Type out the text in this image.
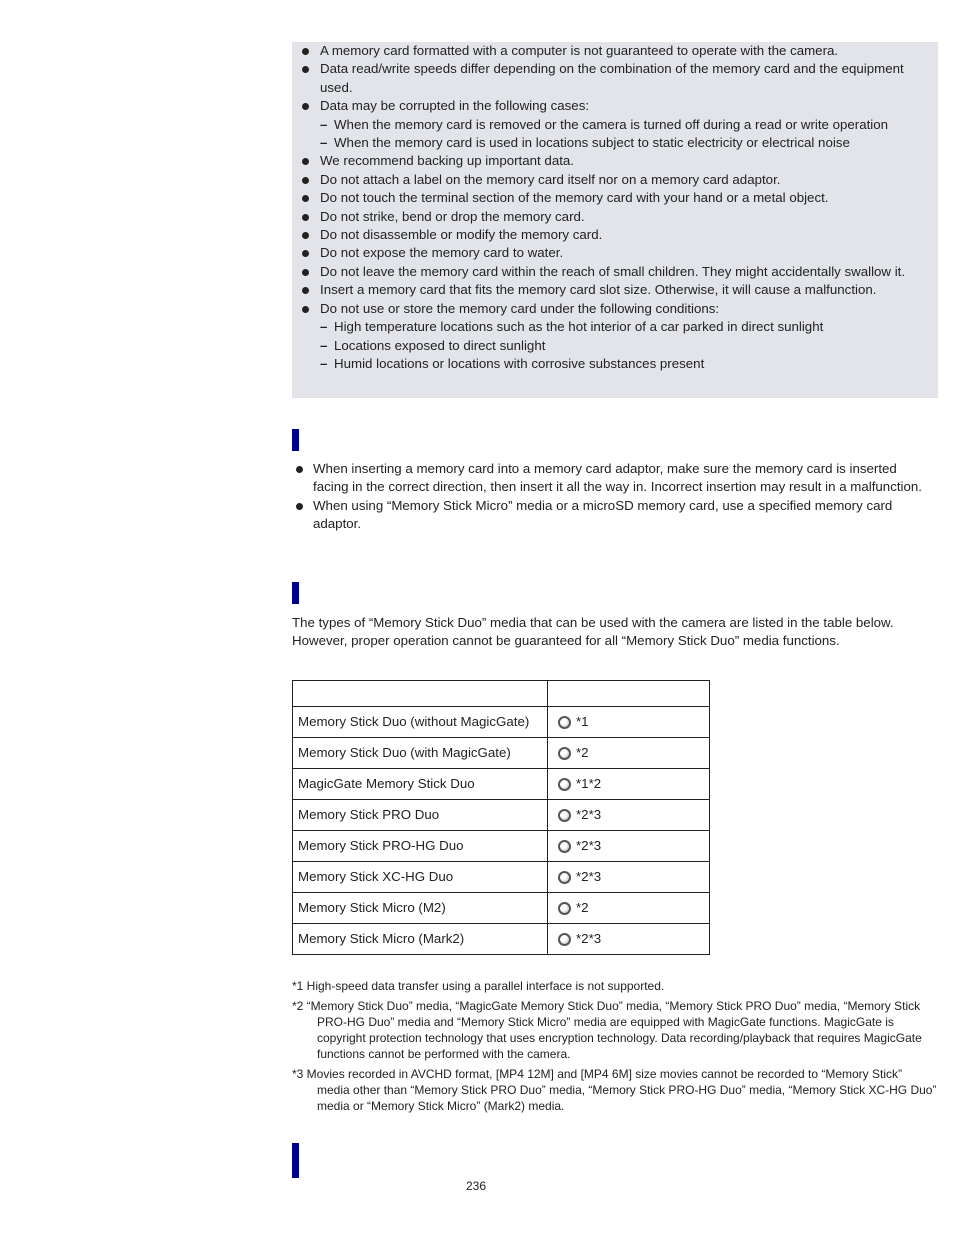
A memory card formatted with a computer is not guaranteed to operate with the camera.
Data read/write speeds differ depending on the combination of the memory card and the equipment used.
Data may be corrupted in the following cases:
– When the memory card is removed or the camera is turned off during a read or write operation
– When the memory card is used in locations subject to static electricity or electrical noise
We recommend backing up important data.
Do not attach a label on the memory card itself nor on a memory card adaptor.
Do not touch the terminal section of the memory card with your hand or a metal object.
Do not strike, bend or drop the memory card.
Do not disassemble or modify the memory card.
Do not expose the memory card to water.
Do not leave the memory card within the reach of small children. They might accidentally swallow it.
Insert a memory card that fits the memory card slot size. Otherwise, it will cause a malfunction.
Do not use or store the memory card under the following conditions:
– High temperature locations such as the hot interior of a car parked in direct sunlight
– Locations exposed to direct sunlight
– Humid locations or locations with corrosive substances present
When inserting a memory card into a memory card adaptor, make sure the memory card is inserted facing in the correct direction, then insert it all the way in. Incorrect insertion may result in a malfunction.
When using “Memory Stick Micro” media or a microSD memory card, use a specified memory card adaptor.

The types of “Memory Stick Duo” media that can be used with the camera are listed in the table below. However, proper operation cannot be guaranteed for all “Memory Stick Duo” media functions.

Memory Stick Duo (without MagicGate)	*1
Memory Stick Duo (with MagicGate)	*2
MagicGate Memory Stick Duo	*1*2
Memory Stick PRO Duo	*2*3
Memory Stick PRO-HG Duo	*2*3
Memory Stick XC-HG Duo	*2*3
Memory Stick Micro (M2)	*2
Memory Stick Micro (Mark2)	*2*3
*1 High-speed data transfer using a parallel interface is not supported.
*2 “Memory Stick Duo” media, “MagicGate Memory Stick Duo” media, “Memory Stick PRO Duo” media, “Memory Stick PRO-HG Duo” media and “Memory Stick Micro” media are equipped with MagicGate functions. MagicGate is copyright protection technology that uses encryption technology. Data recording/playback that requires MagicGate functions cannot be performed with the camera.
*3 Movies recorded in AVCHD format, [MP4 12M] and [MP4 6M] size movies cannot be recorded to “Memory Stick” media other than “Memory Stick PRO Duo” media, “Memory Stick PRO-HG Duo” media, “Memory Stick XC-HG Duo” media or “Memory Stick Micro” (Mark2) media.
236
